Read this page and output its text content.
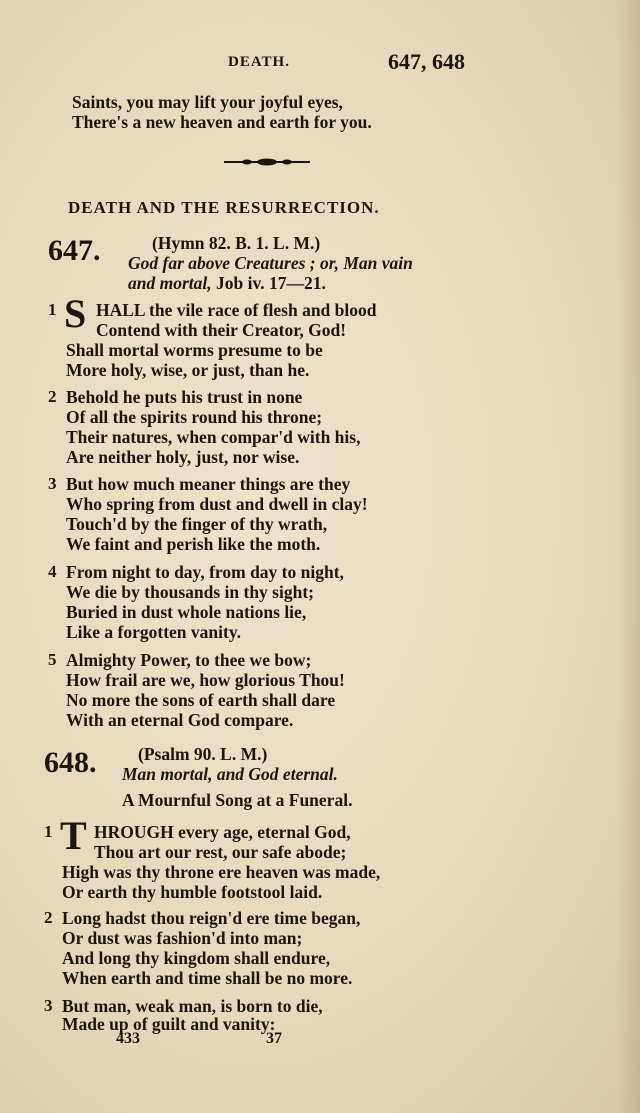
DEATH.	647, 648
Saints, you may lift your joyful eyes,
There's a new heaven and earth for you.
DEATH AND THE RESURRECTION.
647.	(Hymn 82. B. 1. L. M.)
God far above Creatures ; or, Man vain
and mortal, Job iv. 17—21.
1 S HALL the vile race of flesh and blood
Contend with their Creator, God!
Shall mortal worms presume to be
More holy, wise, or just, than he.
2 Behold he puts his trust in none
Of all the spirits round his throne;
Their natures, when compar'd with his,
Are neither holy, just, nor wise.
3 But how much meaner things are they
Who spring from dust and dwell in clay!
Touch'd by the finger of thy wrath,
We faint and perish like the moth.
4 From night to day, from day to night,
We die by thousands in thy sight;
Buried in dust whole nations lie,
Like a forgotten vanity.
5 Almighty Power, to thee we bow;
How frail are we, how glorious Thou!
No more the sons of earth shall dare
With an eternal God compare.
648. (Psalm 90. L. M.)
Man mortal, and God eternal.
A Mournful Song at a Funeral.
1 T HROUGH every age, eternal God,
Thou art our rest, our safe abode;
High was thy throne ere heaven was made,
Or earth thy humble footstool laid.
2 Long hadst thou reign'd ere time began,
Or dust was fashion'd into man;
And long thy kingdom shall endure,
When earth and time shall be no more.
3 But man, weak man, is born to die,
Made up of guilt and vanity:
433	37
